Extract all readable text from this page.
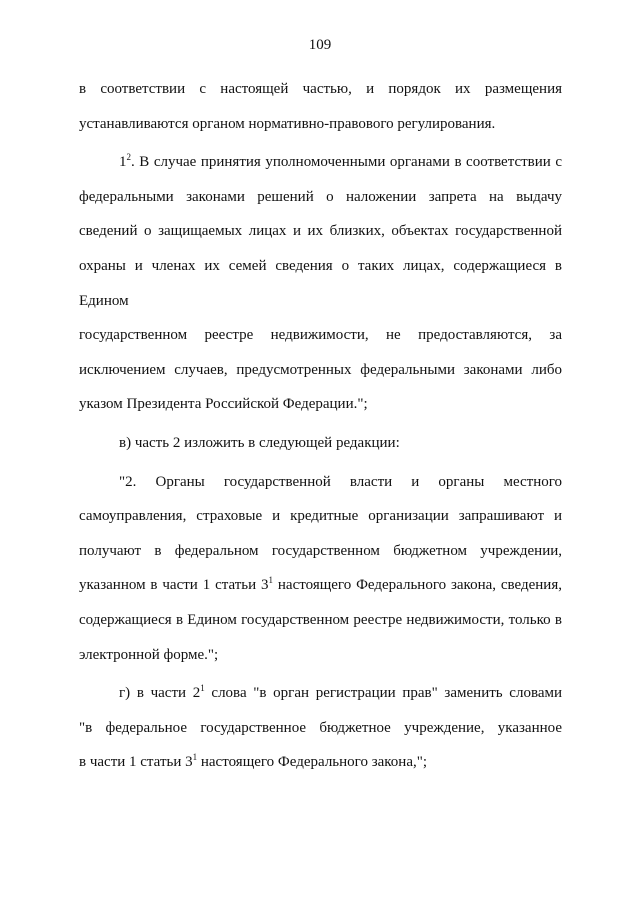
109
в соответствии с настоящей частью, и порядок их размещения
устанавливаются органом нормативно-правового регулирования.
$1^2$. В случае принятия уполномоченными органами в соответствии с
федеральными законами решений о наложении запрета на выдачу
сведений о защищаемых лицах и их близких, объектах государственной
охраны и членах их семей сведения о таких лицах, содержащиеся в Едином
государственном реестре недвижимости, не предоставляются, за
исключением случаев, предусмотренных федеральными законами либо
указом Президента Российской Федерации.";
в) часть 2 изложить в следующей редакции:
"2. Органы государственной власти и органы местного
самоуправления, страховые и кредитные организации запрашивают и
получают в федеральном государственном бюджетном учреждении,
указанном в части 1 статьи $3^1$ настоящего Федерального закона, сведения,
содержащиеся в Едином государственном реестре недвижимости, только в
электронной форме.";
г) в части $2^1$ слова "в орган регистрации прав" заменить словами
"в федеральное государственное бюджетное учреждение, указанное
в части 1 статьи $3^1$ настоящего Федерального закона,";
